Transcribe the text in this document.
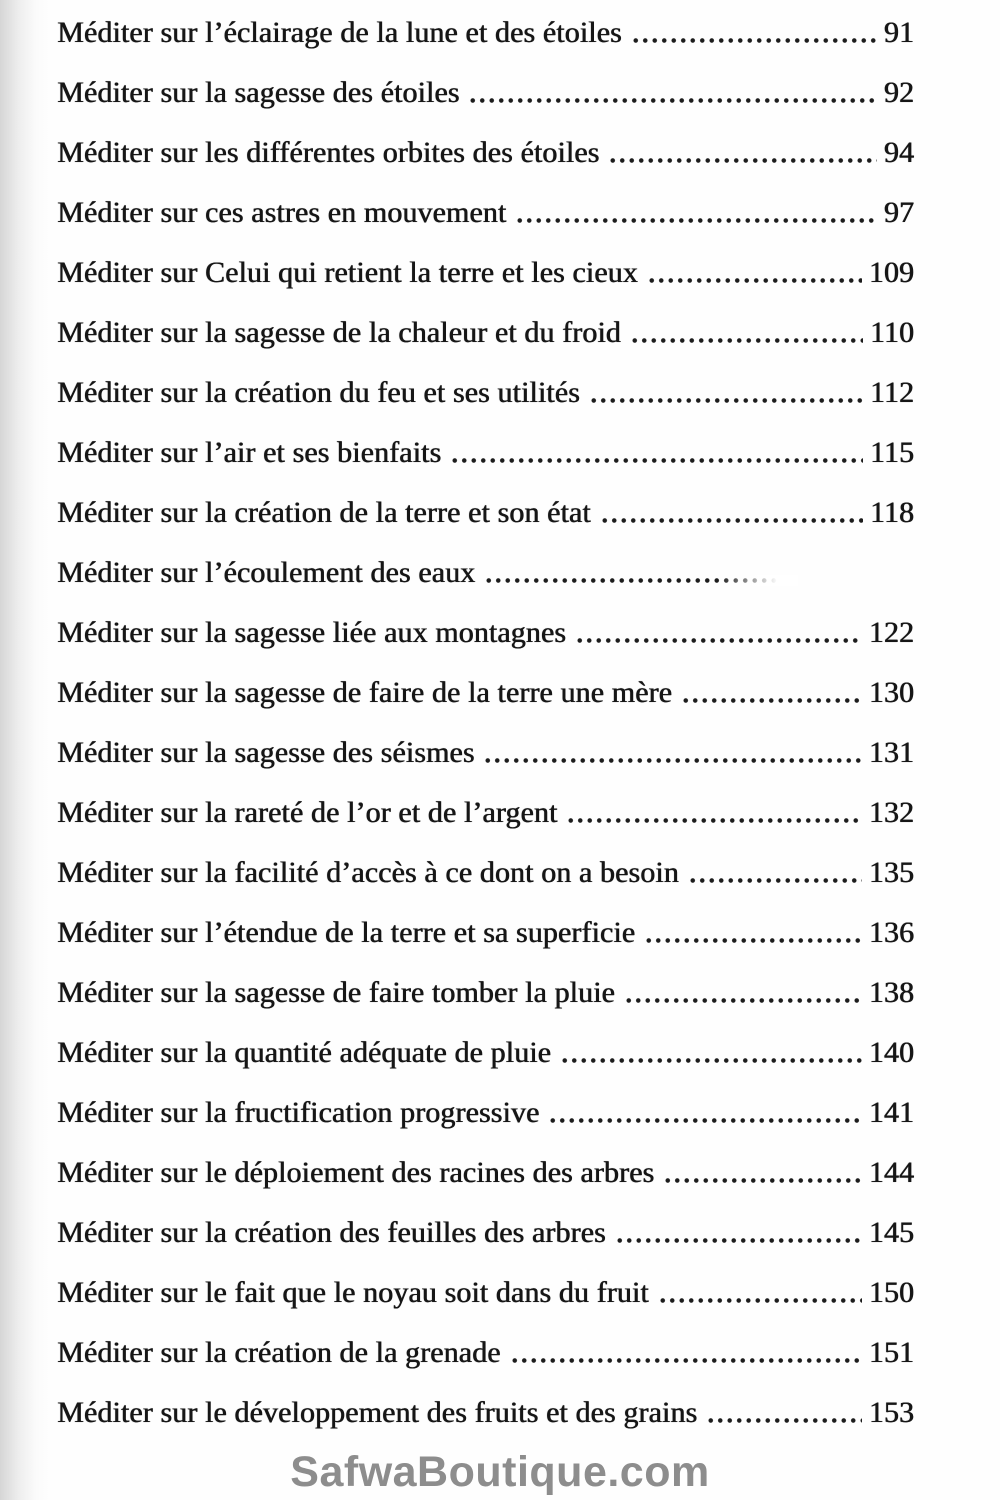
Méditer sur l’éclairage de la lune et des étoiles	91
Méditer sur la sagesse des étoiles	92
Méditer sur les différentes orbites des étoiles	94
Méditer sur ces astres en mouvement	97
Méditer sur Celui qui retient la terre et les cieux	109
Méditer sur la sagesse de la chaleur et du froid	110
Méditer sur la création du feu et ses utilités	112
Méditer sur l’air et ses bienfaits	115
Méditer sur la création de la terre et son état	118
Méditer sur l’écoulement des eaux
Méditer sur la sagesse liée aux montagnes	122
Méditer sur la sagesse de faire de la terre une mère	130
Méditer sur la sagesse des séismes	131
Méditer sur la rareté de l’or et de l’argent	132
Méditer sur la facilité d’accès à ce dont on a besoin	135
Méditer sur l’étendue de la terre et sa superficie	136
Méditer sur la sagesse de faire tomber la pluie	138
Méditer sur la quantité adéquate de pluie	140
Méditer sur la fructification progressive	141
Méditer sur le déploiement des racines des arbres	144
Méditer sur la création des feuilles des arbres	145
Méditer sur le fait que le noyau soit dans du fruit	150
Méditer sur la création de la grenade	151
Méditer sur le développement des fruits et des grains	153
SafwaBoutique.com
